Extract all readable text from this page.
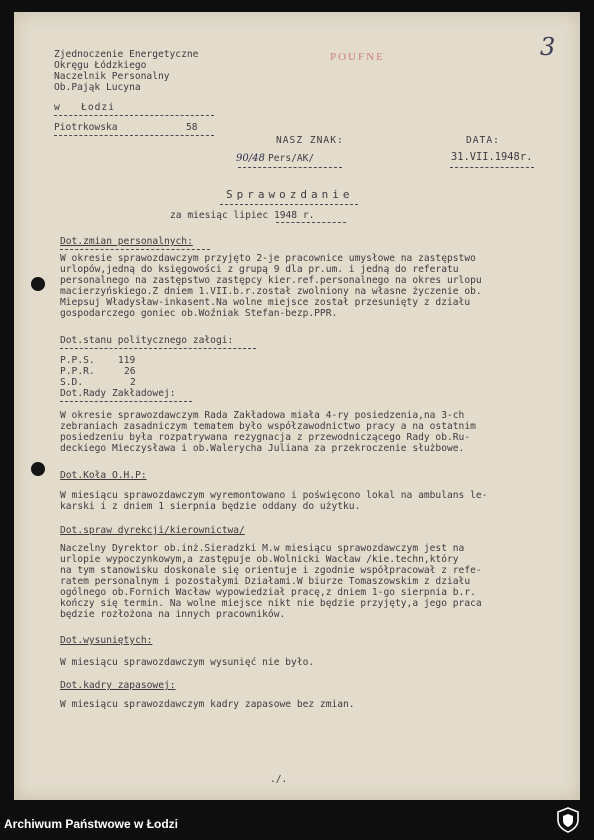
Zjednoczenie Energetyczne
Okręgu Łódzkiego
Naczelnik Personalny
Ob.Pająk Lucyna
w   Łodzi
Piotrkowska	58
POUFNE	3
NASZ ZNAK:	DATA:
90/48 Pers/AK/	31.VII.1948r.
Sprawozdanie
za miesiąc lipiec 1948 r.
Dot.zmian personalnych:
W okresie sprawozdawczym przyjęto 2-je pracownice umysłowe na zastępstwo
urlopów,jedną do księgowości z grupą 9 dla pr.um. i jedną do referatu
personalnego na zastępstwo zastępcy kier.ref.personalnego na okres urlopu
macierzyńskiego.Z dniem 1.VII.b.r.został zwolniony na własne życzenie ob.
Miepsuj Władysław-inkasent.Na wolne miejsce został przesunięty z działu
gospodarczego goniec ob.Woźniak Stefan-bezp.PPR.
Dot.stanu politycznego załogi:
P.P.S. 119
P.P.R.	26
S.D.	2
Dot.Rady Zakładowej:
W okresie sprawozdawczym Rada Zakładowa miała 4-ry posiedzenia,na 3-ch
zebraniach zasadniczym tematem było współzawodnictwo pracy a na ostatnim
posiedzeniu była rozpatrywana rezygnacja z przewodniczącego Rady ob.Ru-
deckiego Mieczysława i ob.Walerycha Juliana za przekroczenie służbowe.
Dot.Koła O.H.P:
W miesiącu sprawozdawczym wyremontowano i poświęcono lokal na ambulans le-
karski i z dniem 1 sierpnia będzie oddany do użytku.
Dot.spraw dyrekcji/kierownictwa/
Naczelny Dyrektor ob.inż.Sieradzki M.w miesiącu sprawozdawczym jest na
urlopie wypoczynkowym,a zastępuje ob.Wolnicki Wacław /kie.techn,który
na tym stanowisku doskonale się orientuje i zgodnie współpracował z refe-
ratem personalnym i pozostałymi Działami.W biurze Tomaszowskim z działu
ogólnego ob.Fornich Wacław wypowiedział pracę,z dniem 1-go sierpnia b.r.
kończy się termin. Na wolne miejsce nikt nie będzie przyjęty,a jego praca
będzie rozłożona na innych pracowników.
Dot.wysuniętych:
W miesiącu sprawozdawczym wysunięć nie było.
Dot.kadry zapasowej:
W miesiącu sprawozdawczym kadry zapasowe bez zmian.
./.
Archiwum Państwowe w Łodzi
